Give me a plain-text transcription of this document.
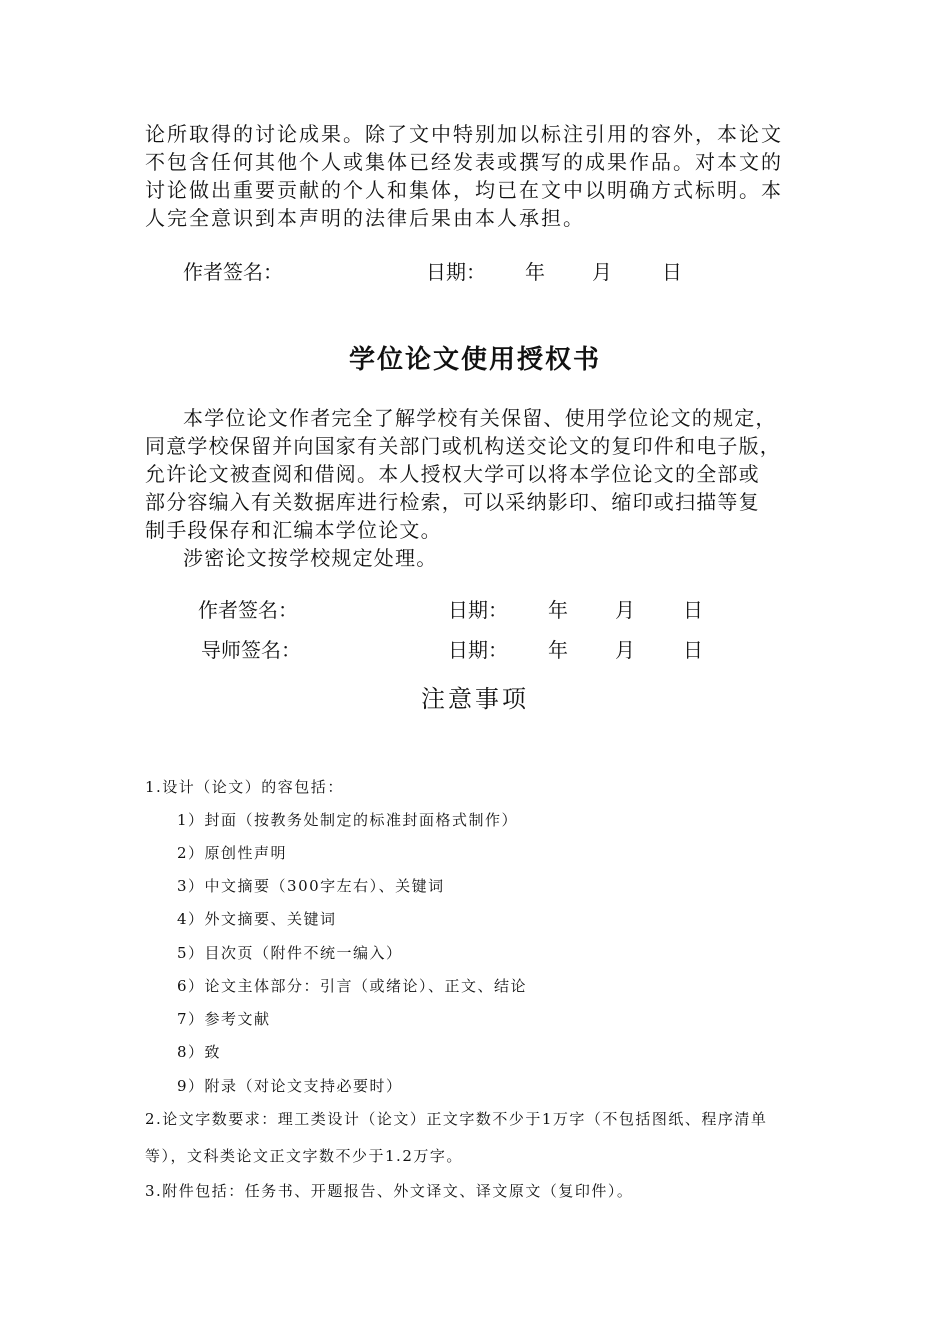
论所取得的讨论成果。除了文中特别加以标注引用的容外，本论文
不包含任何其他个人或集体已经发表或撰写的成果作品。对本文的
讨论做出重要贡献的个人和集体，均已在文中以明确方式标明。本
人完全意识到本声明的法律后果由本人承担。
作者签名：	日期： 年 月	日
学位论文使用授权书
本学位论文作者完全了解学校有关保留、使用学位论文的规定，
同意学校保留并向国家有关部门或机构送交论文的复印件和电子版，
允许论文被查阅和借阅。本人授权大学可以将本学位论文的全部或
部分容编入有关数据库进行检索，可以采纳影印、缩印或扫描等复
制手段保存和汇编本学位论文。
涉密论文按学校规定处理。
作者签名：	日期： 年 月 日
导师签名：	日期： 年 月 日
注意事项
1.设计（论文）的容包括：
1）封面（按教务处制定的标准封面格式制作）
2）原创性声明
3）中文摘要（300字左右）、关键词
4）外文摘要、关键词
5）目次页（附件不统一编入）
6）论文主体部分：引言（或绪论）、正文、结论
7）参考文献
8）致
9）附录（对论文支持必要时）
2.论文字数要求：理工类设计（论文）正文字数不少于1万字（不包括图纸、程序清单
等），文科类论文正文字数不少于1.2万字。
3.附件包括：任务书、开题报告、外文译文、译文原文（复印件）。
